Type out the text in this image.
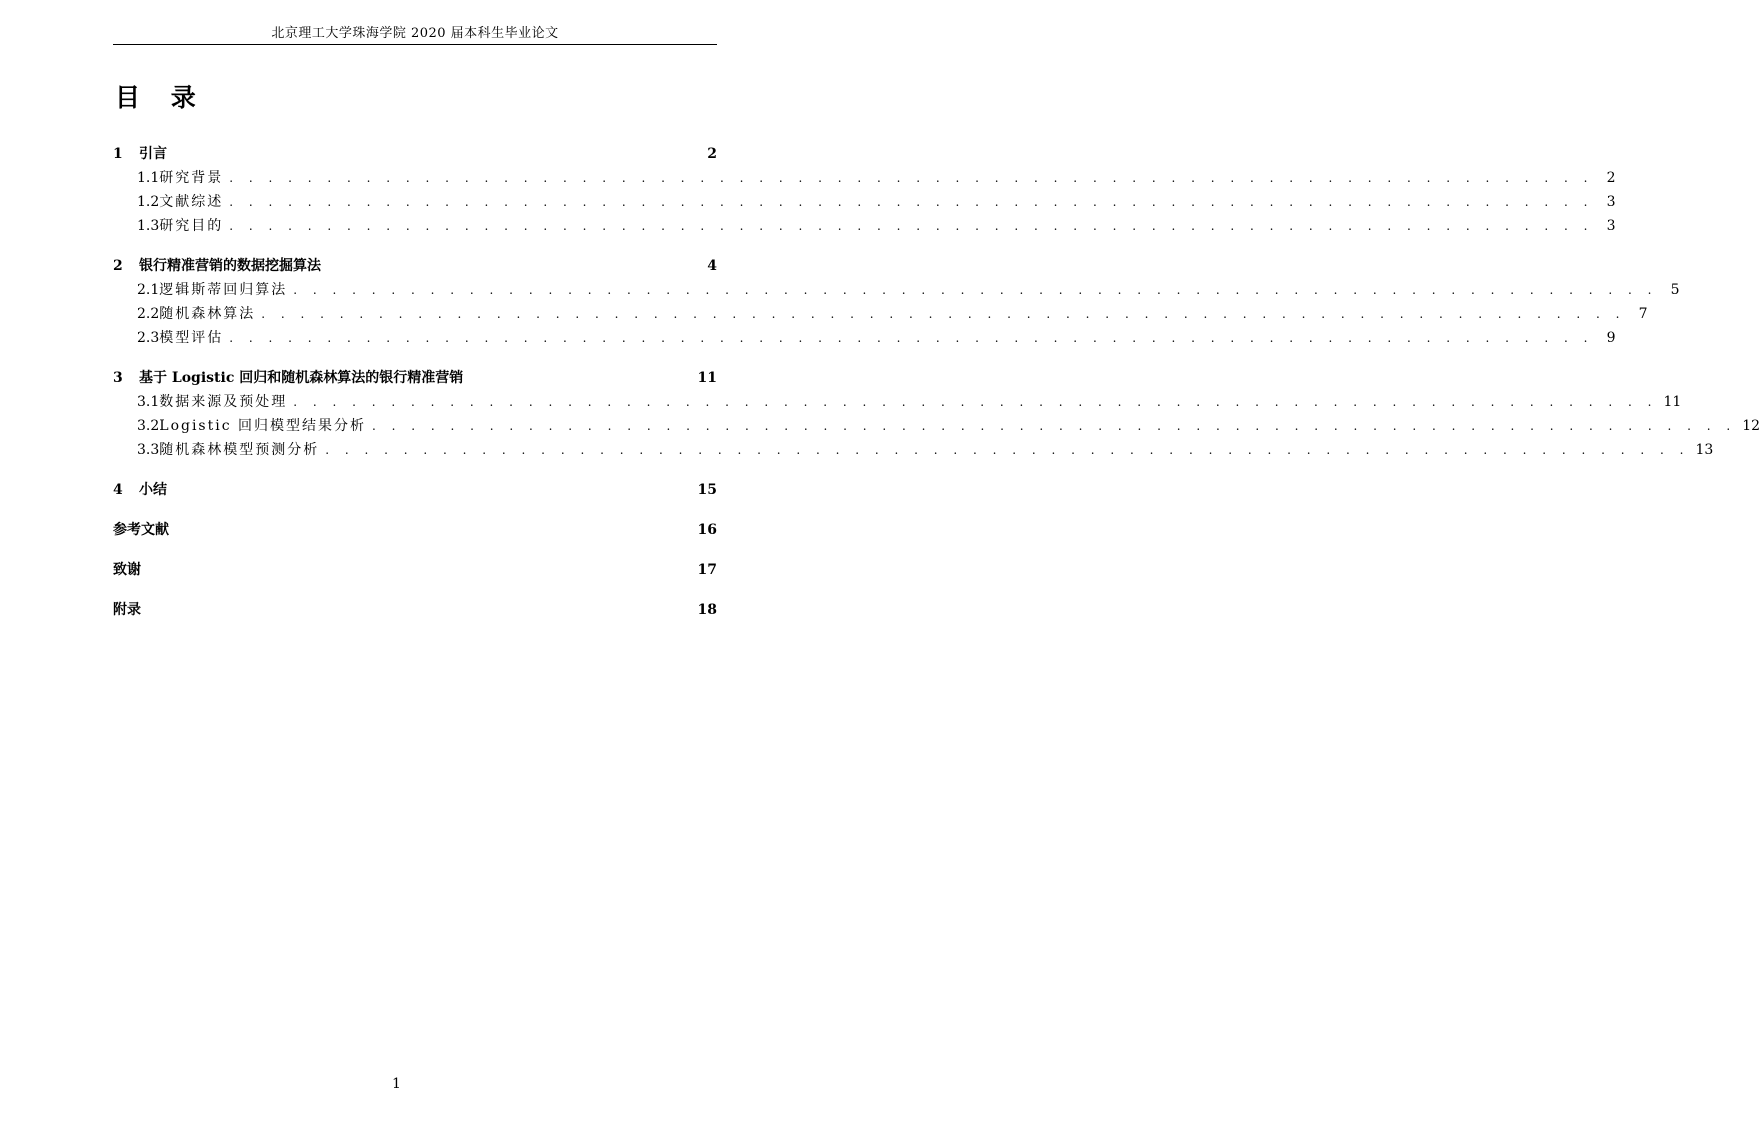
北京理工大学珠海学院 2020 届本科生毕业论文
目 录
1	引言	2
1.1 研究背景 . . . . . . . . . . . . . . . . . . . . . . . . . . . . . . . . . . . . . . . . . . . . . . . . . . . . . . . . . . . . . . . . . . . . . . 2
1.2 文献综述 . . . . . . . . . . . . . . . . . . . . . . . . . . . . . . . . . . . . . . . . . . . . . . . . . . . . . . . . . . . . . . . . . . . . . . 3
1.3 研究目的 . . . . . . . . . . . . . . . . . . . . . . . . . . . . . . . . . . . . . . . . . . . . . . . . . . . . . . . . . . . . . . . . . . . . . . 3
2	银行精准营销的数据挖掘算法	4
2.1 逻辑斯蒂回归算法 . . . . . . . . . . . . . . . . . . . . . . . . . . . . . . . . . . . . . . . . . . . . . . . . . . . . . . . . . . . . . . . . . . . . . . 5
2.2 随机森林算法 . . . . . . . . . . . . . . . . . . . . . . . . . . . . . . . . . . . . . . . . . . . . . . . . . . . . . . . . . . . . . . . . . . . . . . 7
2.3 模型评估 . . . . . . . . . . . . . . . . . . . . . . . . . . . . . . . . . . . . . . . . . . . . . . . . . . . . . . . . . . . . . . . . . . . . . . 9
3	基于 Logistic 回归和随机森林算法的银行精准营销	11
3.1 数据来源及预处理 . . . . . . . . . . . . . . . . . . . . . . . . . . . . . . . . . . . . . . . . . . . . . . . . . . . . . . . . . . . . . . . . . . . . . . 11
3.2 Logistic 回归模型结果分析 . . . . . . . . . . . . . . . . . . . . . . . . . . . . . . . . . . . . . . . . . . . . . . . . . . . . . . . . . . . . . . . . . . . . . . 12
3.3 随机森林模型预测分析 . . . . . . . . . . . . . . . . . . . . . . . . . . . . . . . . . . . . . . . . . . . . . . . . . . . . . . . . . . . . . . . . . . . . . . 13
4	小结	15
参考文献	16
致谢	17
附录	18
1
